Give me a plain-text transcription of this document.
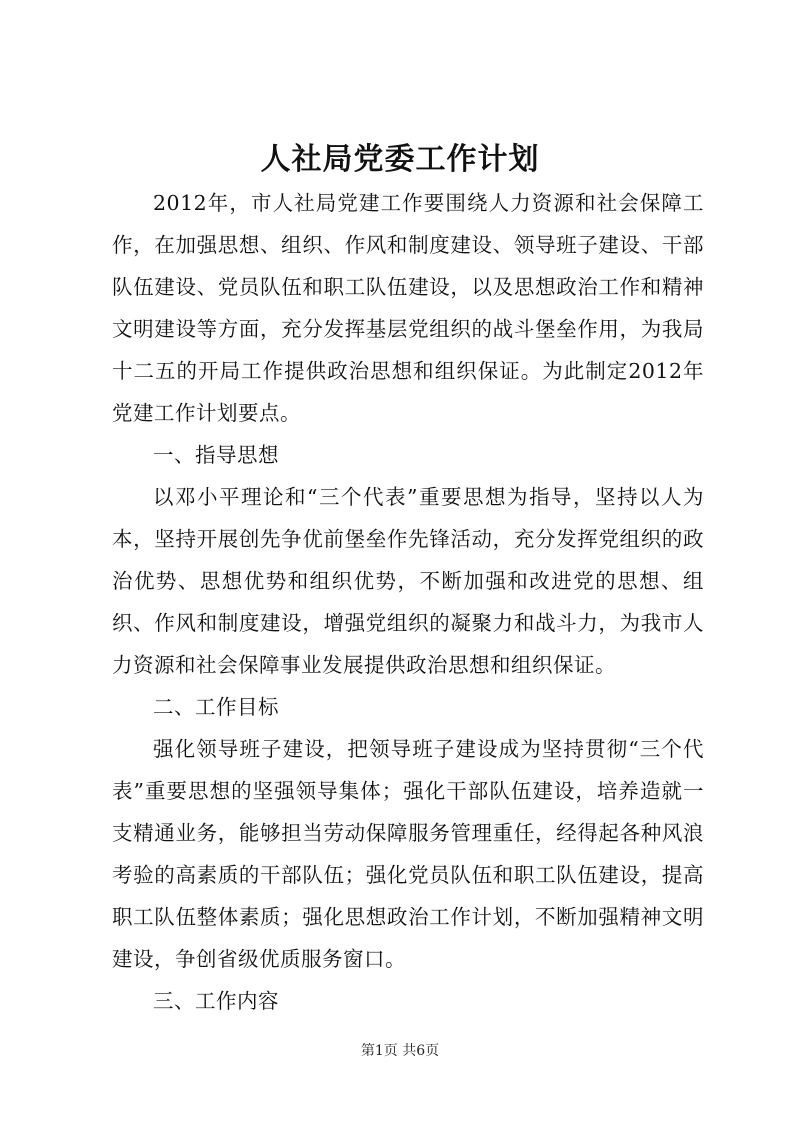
人社局党委工作计划

2012年，市人社局党建工作要围绕人力资源和社会保障工作，在加强思想、组织、作风和制度建设、领导班子建设、干部队伍建设、党员队伍和职工队伍建设，以及思想政治工作和精神文明建设等方面，充分发挥基层党组织的战斗堡垒作用，为我局十二五的开局工作提供政治思想和组织保证。为此制定2012年党建工作计划要点。

一、指导思想

以邓小平理论和“三个代表”重要思想为指导，坚持以人为本，坚持开展创先争优前堡垒作先锋活动，充分发挥党组织的政治优势、思想优势和组织优势，不断加强和改进党的思想、组织、作风和制度建设，增强党组织的凝聚力和战斗力，为我市人力资源和社会保障事业发展提供政治思想和组织保证。

二、工作目标

强化领导班子建设，把领导班子建设成为坚持贯彻“三个代表”重要思想的坚强领导集体；强化干部队伍建设，培养造就一支精通业务，能够担当劳动保障服务管理重任，经得起各种风浪考验的高素质的干部队伍；强化党员队伍和职工队伍建设，提高职工队伍整体素质；强化思想政治工作计划，不断加强精神文明建设，争创省级优质服务窗口。

三、工作内容

第1页 共6页
